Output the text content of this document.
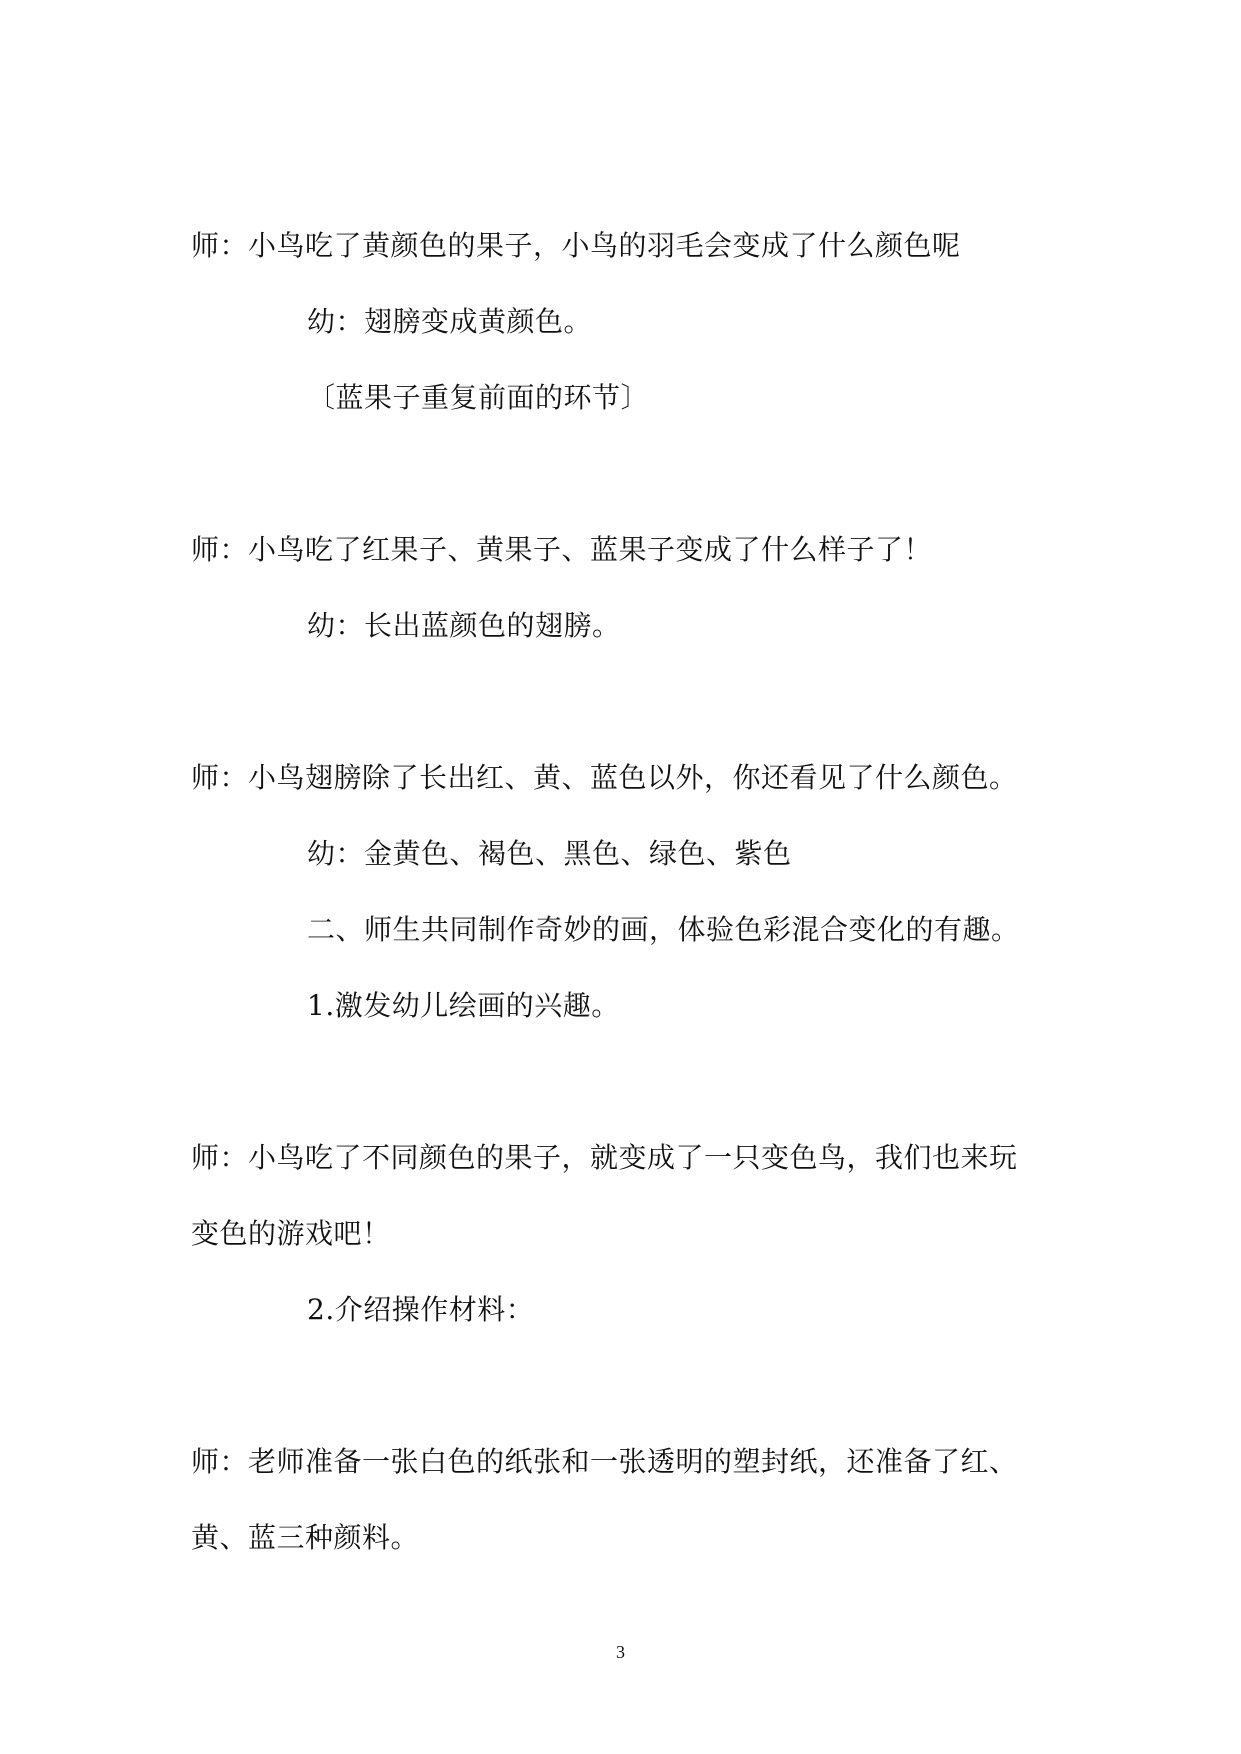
师：小鸟吃了黄颜色的果子，小鸟的羽毛会变成了什么颜色呢
幼：翅膀变成黄颜色。
〔蓝果子重复前面的环节〕
师：小鸟吃了红果子、黄果子、蓝果子变成了什么样子了！
幼：长出蓝颜色的翅膀。
师：小鸟翅膀除了长出红、黄、蓝色以外，你还看见了什么颜色。
幼：金黄色、褐色、黑色、绿色、紫色
二、师生共同制作奇妙的画，体验色彩混合变化的有趣。
1.激发幼儿绘画的兴趣。
师：小鸟吃了不同颜色的果子，就变成了一只变色鸟，我们也来玩
变色的游戏吧！
2.介绍操作材料：
师：老师准备一张白色的纸张和一张透明的塑封纸，还准备了红、
黄、蓝三种颜料。
3
